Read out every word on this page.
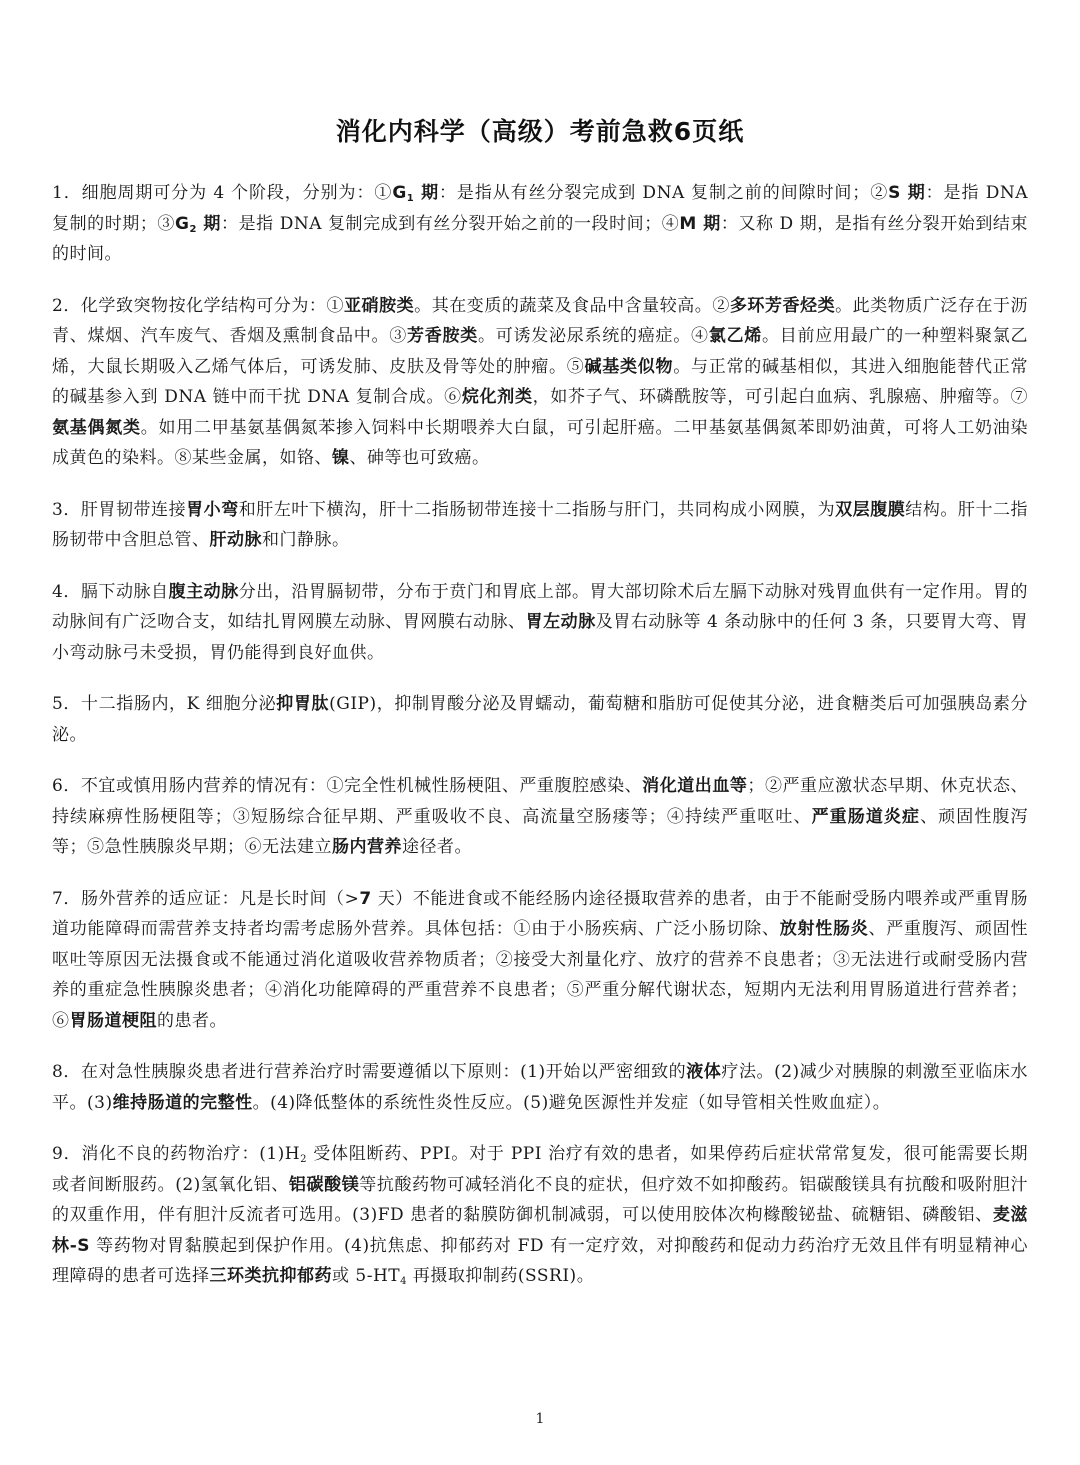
消化内科学（高级）考前急救6页纸

1．细胞周期可分为 4 个阶段，分别为：$①G_1$ 期：是指从有丝分裂完成到 DNA 复制之前的间隙时间；②S 期：是指 DNA 复制的时期；$③G_2$ 期：是指 DNA 复制完成到有丝分裂开始之前的一段时间；④M 期：又称 D 期，是指有丝分裂开始到结束的时间。

2．化学致突物按化学结构可分为：①亚硝胺类。其在变质的蔬菜及食品中含量较高。②多环芳香烃类。此类物质广泛存在于沥青、煤烟、汽车废气、香烟及熏制食品中。③芳香胺类。可诱发泌尿系统的癌症。④氯乙烯。目前应用最广的一种塑料聚氯乙烯，大鼠长期吸入乙烯气体后，可诱发肺、皮肤及骨等处的肿瘤。⑤碱基类似物。与正常的碱基相似，其进入细胞能替代正常的碱基参入到 DNA 链中而干扰 DNA 复制合成。⑥烷化剂类，如芥子气、环磷酰胺等，可引起白血病、乳腺癌、肿瘤等。⑦氨基偶氮类。如用二甲基氨基偶氮苯掺入饲料中长期喂养大白鼠，可引起肝癌。二甲基氨基偶氮苯即奶油黄，可将人工奶油染成黄色的染料。⑧某些金属，如铬、镍、砷等也可致癌。

3．肝胃韧带连接胃小弯和肝左叶下横沟，肝十二指肠韧带连接十二指肠与肝门，共同构成小网膜，为双层腹膜结构。肝十二指肠韧带中含胆总管、肝动脉和门静脉。

4．膈下动脉自腹主动脉分出，沿胃膈韧带，分布于贲门和胃底上部。胃大部切除术后左膈下动脉对残胃血供有一定作用。胃的动脉间有广泛吻合支，如结扎胃网膜左动脉、胃网膜右动脉、胃左动脉及胃右动脉等 4 条动脉中的任何 3 条，只要胃大弯、胃小弯动脉弓未受损，胃仍能得到良好血供。

5．十二指肠内，K 细胞分泌抑胃肽(GIP)，抑制胃酸分泌及胃蠕动，葡萄糖和脂肪可促使其分泌，进食糖类后可加强胰岛素分泌。

6．不宜或慎用肠内营养的情况有：①完全性机械性肠梗阻、严重腹腔感染、消化道出血等；②严重应激状态早期、休克状态、持续麻痹性肠梗阻等；③短肠综合征早期、严重吸收不良、高流量空肠瘘等；④持续严重呕吐、严重肠道炎症、顽固性腹泻等；⑤急性胰腺炎早期；⑥无法建立肠内营养途径者。

7．肠外营养的适应证：凡是长时间（>7 天）不能进食或不能经肠内途径摄取营养的患者，由于不能耐受肠内喂养或严重胃肠道功能障碍而需营养支持者均需考虑肠外营养。具体包括：①由于小肠疾病、广泛小肠切除、放射性肠炎、严重腹泻、顽固性呕吐等原因无法摄食或不能通过消化道吸收营养物质者；②接受大剂量化疗、放疗的营养不良患者；③无法进行或耐受肠内营养的重症急性胰腺炎患者；④消化功能障碍的严重营养不良患者；⑤严重分解代谢状态，短期内无法利用胃肠道进行营养者；⑥胃肠道梗阻的患者。

8．在对急性胰腺炎患者进行营养治疗时需要遵循以下原则：(1)开始以严密细致的液体疗法。(2)减少对胰腺的刺激至亚临床水平。(3)维持肠道的完整性。(4)降低整体的系统性炎性反应。(5)避免医源性并发症（如导管相关性败血症）。

9．消化不良的药物治疗：$(1)H_2$ 受体阻断药、PPI。对于 PPI 治疗有效的患者，如果停药后症状常常复发，很可能需要长期或者间断服药。(2)氢氧化铝、铝碳酸镁等抗酸药物可减轻消化不良的症状，但疗效不如抑酸药。铝碳酸镁具有抗酸和吸附胆汁的双重作用，伴有胆汁反流者可选用。(3)FD 患者的黏膜防御机制减弱，可以使用胶体次枸橼酸铋盐、硫糖铝、磷酸铝、麦滋林-S 等药物对胃黏膜起到保护作用。(4)抗焦虑、抑郁药对 FD 有一定疗效，对抑酸药和促动力药治疗无效且伴有明显精神心理障碍的患者可选择三环类抗抑郁药或 $5-HT_4$ 再摄取抑制药(SSRI)。

1
